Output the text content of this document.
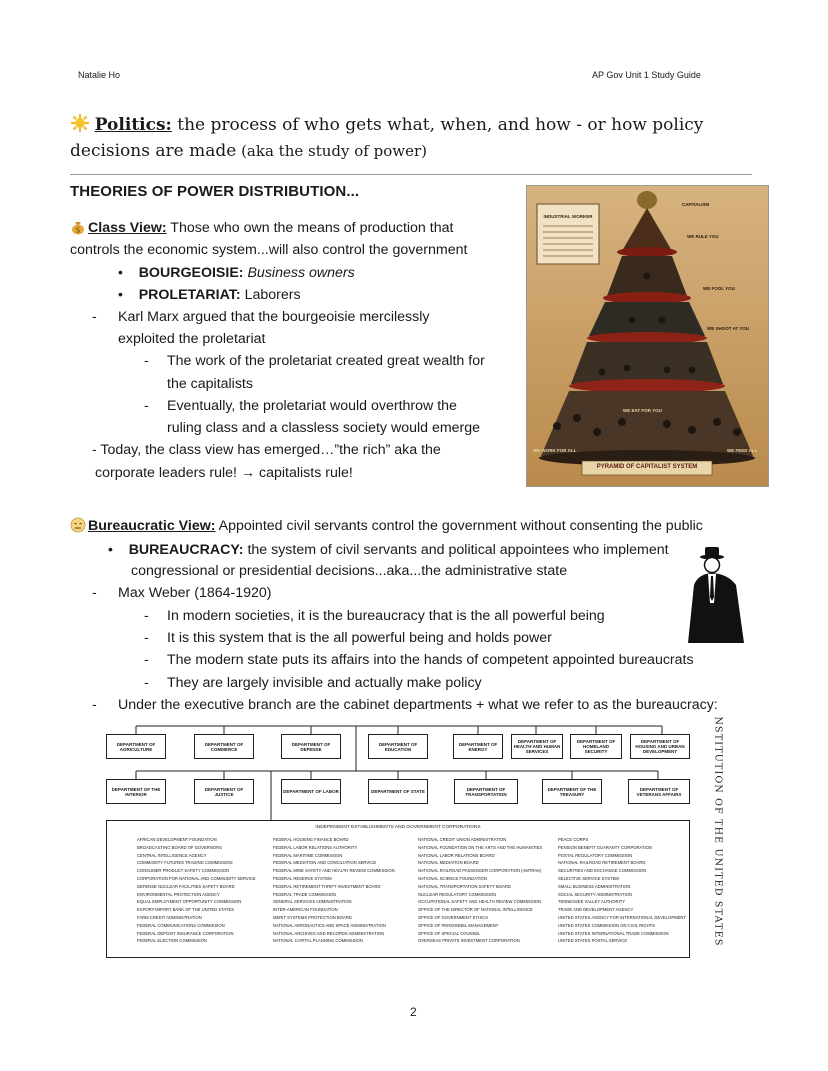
Natalie Ho	AP Gov Unit 1 Study Guide
Politics: the process of who gets what, when, and how - or how policy
decisions are made (aka the study of power)
THEORIES OF POWER DISTRIBUTION...
$ Class View: Those who own the means of production that
controls the economic system...will also control the government
• BOURGEOISIE: Business owners
• PROLETARIAT: Laborers
- Karl Marx argued that the bourgeoisie mercilessly
exploited the proletariat
- The work of the proletariat created great wealth for
the capitalists
- Eventually, the proletariat would overthrow the
ruling class and a classless society would emerge
- Today, the class view has emerged…”the rich” aka the
corporate leaders rule! → capitalists rule!
INDUSTRIAL WORKER
CAPITALISM
WE RULE YOU
WE FOOL YOU
WE SHOOT AT YOU
WE EAT FOR YOU
WE WORK FOR ALL	WE FEED ALL
PYRAMID OF CAPITALIST SYSTEM
Bureaucratic View: Appointed civil servants control the government without consenting the public
• BUREAUCRACY: the system of civil servants and political appointees who implement
congressional or presidential decisions...aka...the administrative state
- Max Weber (1864-1920)
- In modern societies, it is the bureaucracy that is the all powerful being
- It is this system that is the all powerful being and holds power
- The modern state puts its affairs into the hands of competent appointed bureaucrats
- They are largely invisible and actually make policy
- Under the executive branch are the cabinet departments + what we refer to as the bureaucracy:
DEPARTMENT OF AGRICULTURE
DEPARTMENT OF COMMERCE
DEPARTMENT OF DEFENSE
DEPARTMENT OF EDUCATION
DEPARTMENT OF ENERGY
DEPARTMENT OF HEALTH AND HUMAN SERVICES
DEPARTMENT OF HOMELAND SECURITY
DEPARTMENT OF HOUSING AND URBAN DEVELOPMENT
DEPARTMENT OF THE INTERIOR
DEPARTMENT OF JUSTICE	DEPARTMENT OF LABOR	DEPARTMENT OF STATE	DEPARTMENT OF TRANSPORTATION
DEPARTMENT OF THE TREASURY
DEPARTMENT OF VETERANS AFFAIRS
INDEPENDENT ESTABLISHMENTS AND GOVERNMENT CORPORATIONS
AFRICAN DEVELOPMENT FOUNDATION
BROADCASTING BOARD OF GOVERNORS
CENTRAL INTELLIGENCE AGENCY
COMMODITY FUTURES TRADING COMMISSION
CONSUMER PRODUCT SAFETY COMMISSION
CORPORATION FOR NATIONAL AND COMMUNITY SERVICE
DEFENSE NUCLEAR FACILITIES SAFETY BOARD
ENVIRONMENTAL PROTECTION AGENCY
EQUAL EMPLOYMENT OPPORTUNITY COMMISSION
EXPORT-IMPORT BANK OF THE UNITED STATES
FARM CREDIT ADMINISTRATION
FEDERAL COMMUNICATIONS COMMISSION
FEDERAL DEPOSIT INSURANCE CORPORATION
FEDERAL ELECTION COMMISSION
FEDERAL HOUSING FINANCE BOARD
FEDERAL LABOR RELATIONS AUTHORITY
FEDERAL MARITIME COMMISSION
FEDERAL MEDIATION AND CONCILIATION SERVICE
FEDERAL MINE SAFETY AND HEALTH REVIEW COMMISSION
FEDERAL RESERVE SYSTEM
FEDERAL RETIREMENT THRIFT INVESTMENT BOARD
FEDERAL TRADE COMMISSION
GENERAL SERVICES ADMINISTRATION
INTER-AMERICAN FOUNDATION
MERIT SYSTEMS PROTECTION BOARD
NATIONAL AERONAUTICS AND SPACE ADMINISTRATION
NATIONAL ARCHIVES AND RECORDS ADMINISTRATION
NATIONAL CAPITAL PLANNING COMMISSION
NATIONAL CREDIT UNION ADMINISTRATION
NATIONAL FOUNDATION ON THE ARTS AND THE HUMANITIES
NATIONAL LABOR RELATIONS BOARD
NATIONAL MEDIATION BOARD
NATIONAL RAILROAD PASSENGER CORPORATION (AMTRAK)
NATIONAL SCIENCE FOUNDATION
NATIONAL TRANSPORTATION SAFETY BOARD
NUCLEAR REGULATORY COMMISSION
OCCUPATIONAL SAFETY AND HEALTH REVIEW COMMISSION
OFFICE OF THE DIRECTOR OF NATIONAL INTELLIGENCE
OFFICE OF GOVERNMENT ETHICS
OFFICE OF PERSONNEL MANAGEMENT
OFFICE OF SPECIAL COUNSEL
OVERSEAS PRIVATE INVESTMENT CORPORATION
PEACE CORPS
PENSION BENEFIT GUARANTY CORPORATION
POSTAL REGULATORY COMMISSION
NATIONAL RAILROAD RETIREMENT BOARD
SECURITIES AND EXCHANGE COMMISSION
SELECTIVE SERVICE SYSTEM
SMALL BUSINESS ADMINISTRATION
SOCIAL SECURITY ADMINISTRATION
TENNESSEE VALLEY AUTHORITY
TRADE AND DEVELOPMENT AGENCY
UNITED STATES AGENCY FOR INTERNATIONAL DEVELOPMENT
UNITED STATES COMMISSION ON CIVIL RIGHTS
UNITED STATES INTERNATIONAL TRADE COMMISSION
UNITED STATES POSTAL SERVICE	NSTITUTION OF THE UNITED STATES
2
